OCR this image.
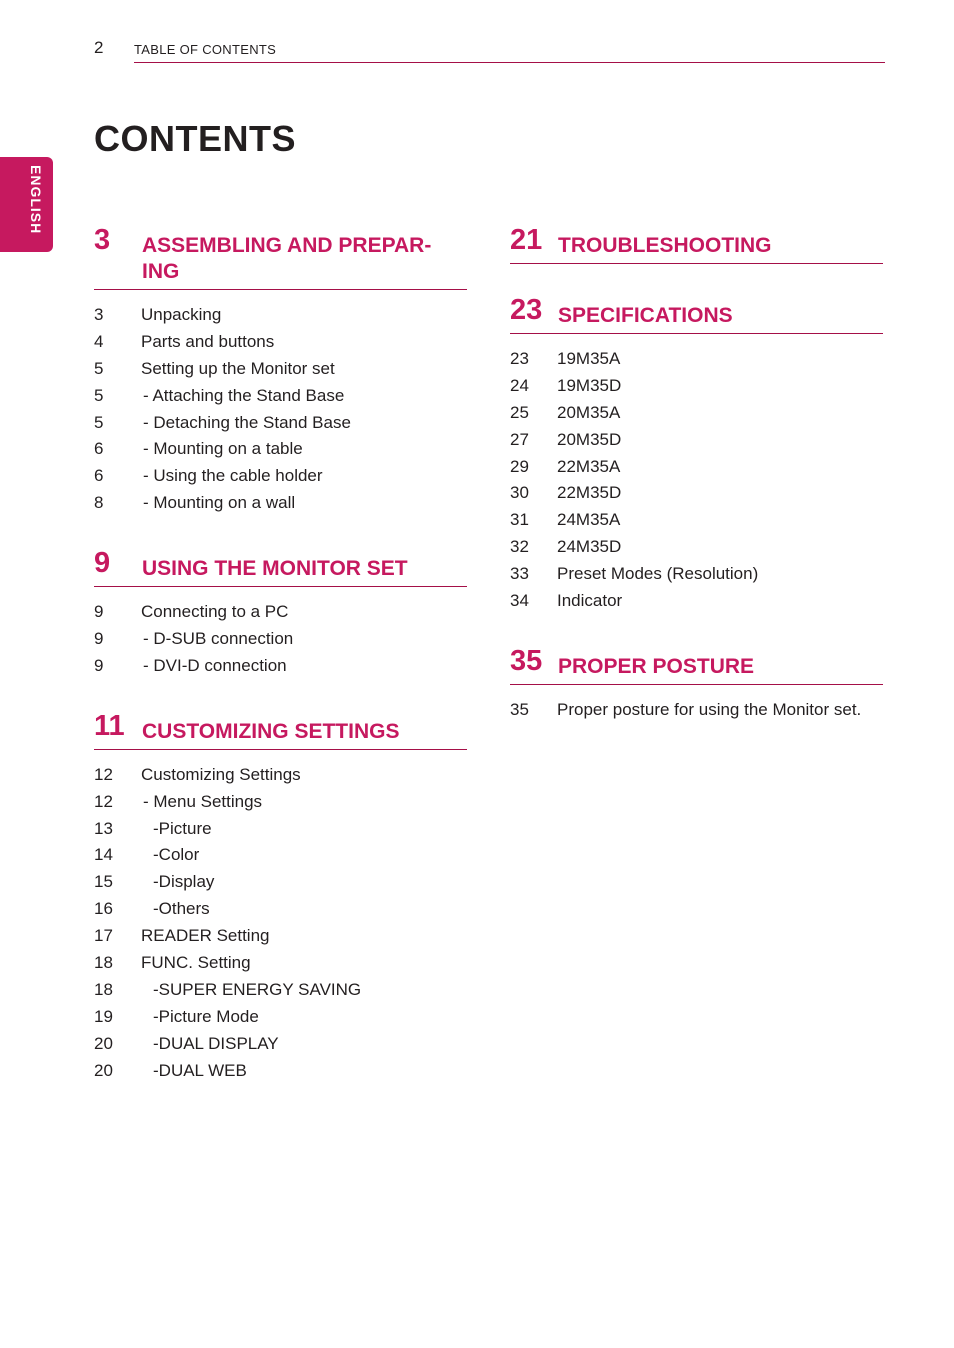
2 TABLE OF CONTENTS
ENGLISH
CONTENTS
3 ASSEMBLING AND PREPAR-
ING
3 Unpacking
4 Parts and buttons
5 Setting up the Monitor set
5 - Attaching the Stand Base
5 - Detaching the Stand Base
6 - Mounting on a table
6 - Using the cable holder
8 - Mounting on a wall
9 USING THE MONITOR SET
9 Connecting to a PC
9 - D-SUB connection
9 - DVI-D connection
11 CUSTOMIZING SETTINGS
12 Customizing Settings
12 - Menu Settings
13 -Picture
14 -Color
15 -Display
16 -Others
17 READER Setting
18 FUNC. Setting
18 -SUPER ENERGY SAVING
19 -Picture Mode
20 -DUAL DISPLAY
20 -DUAL WEB
21 TROUBLESHOOTING
23 SPECIFICATIONS
23 19M35A
24 19M35D
25 20M35A
27 20M35D
29 22M35A
30 22M35D
31 24M35A
32 24M35D
33 Preset Modes (Resolution)
34 Indicator
35 PROPER POSTURE
35 Proper posture for using the Monitor set.
